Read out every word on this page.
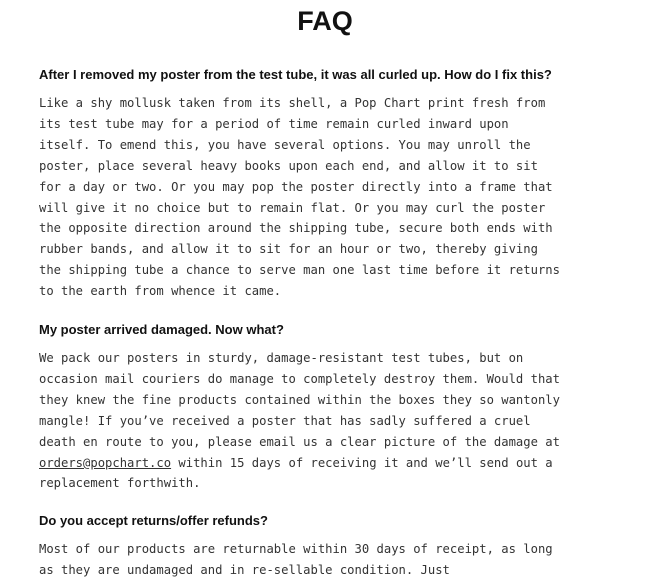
FAQ
After I removed my poster from the test tube, it was all curled up. How do I fix this?

Like a shy mollusk taken from its shell, a Pop Chart print fresh from
its test tube may for a period of time remain curled inward upon
itself. To emend this, you have several options. You may unroll the
poster, place several heavy books upon each end, and allow it to sit
for a day or two. Or you may pop the poster directly into a frame that
will give it no choice but to remain flat. Or you may curl the poster
the opposite direction around the shipping tube, secure both ends with
rubber bands, and allow it to sit for an hour or two, thereby giving
the shipping tube a chance to serve man one last time before it returns
to the earth from whence it came.

My poster arrived damaged. Now what?

We pack our posters in sturdy, damage-resistant test tubes, but on
occasion mail couriers do manage to completely destroy them. Would that
they knew the fine products contained within the boxes they so wantonly
mangle! If you’ve received a poster that has sadly suffered a cruel
death en route to you, please email us a clear picture of the damage at
orders@popchart.co within 15 days of receiving it and we’ll send out a
replacement forthwith.

Do you accept returns/offer refunds?

Most of our products are returnable within 30 days of receipt, as long
as they are undamaged and in re-sellable condition. Just
